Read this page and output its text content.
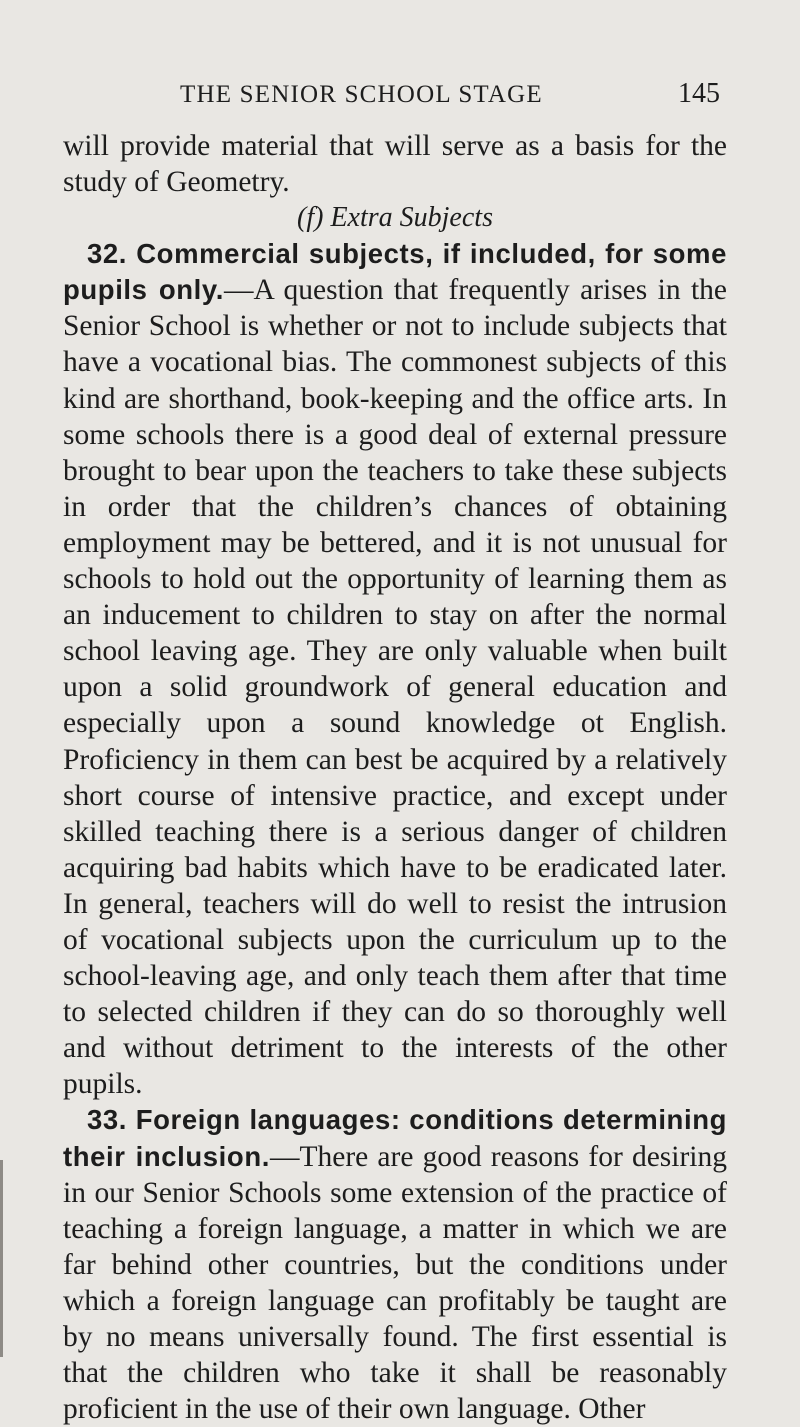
THE SENIOR SCHOOL STAGE	145

will provide material that will serve as a basis for the study of Geometry.

(f) Extra Subjects

32. Commercial subjects, if included, for some pupils only.—A question that frequently arises in the Senior School is whether or not to include subjects that have a vocational bias. The commonest subjects of this kind are shorthand, book-keeping and the office arts. In some schools there is a good deal of external pressure brought to bear upon the teachers to take these subjects in order that the children’s chances of obtaining employment may be bettered, and it is not unusual for schools to hold out the opportunity of learning them as an inducement to children to stay on after the normal school leaving age. They are only valuable when built upon a solid groundwork of general education and especially upon a sound knowledge ot English. Proficiency in them can best be acquired by a relatively short course of intensive practice, and except under skilled teaching there is a serious danger of children acquiring bad habits which have to be eradicated later. In general, teachers will do well to resist the intrusion of vocational subjects upon the curriculum up to the school-leaving age, and only teach them after that time to selected children if they can do so thoroughly well and without detriment to the interests of the other pupils.

33. Foreign languages: conditions determining their inclusion.—There are good reasons for desiring in our Senior Schools some extension of the practice of teaching a foreign language, a matter in which we are far behind other countries, but the conditions under which a foreign language can profitably be taught are by no means universally found. The first essential is that the children who take it shall be reasonably proficient in the use of their own language. Other
